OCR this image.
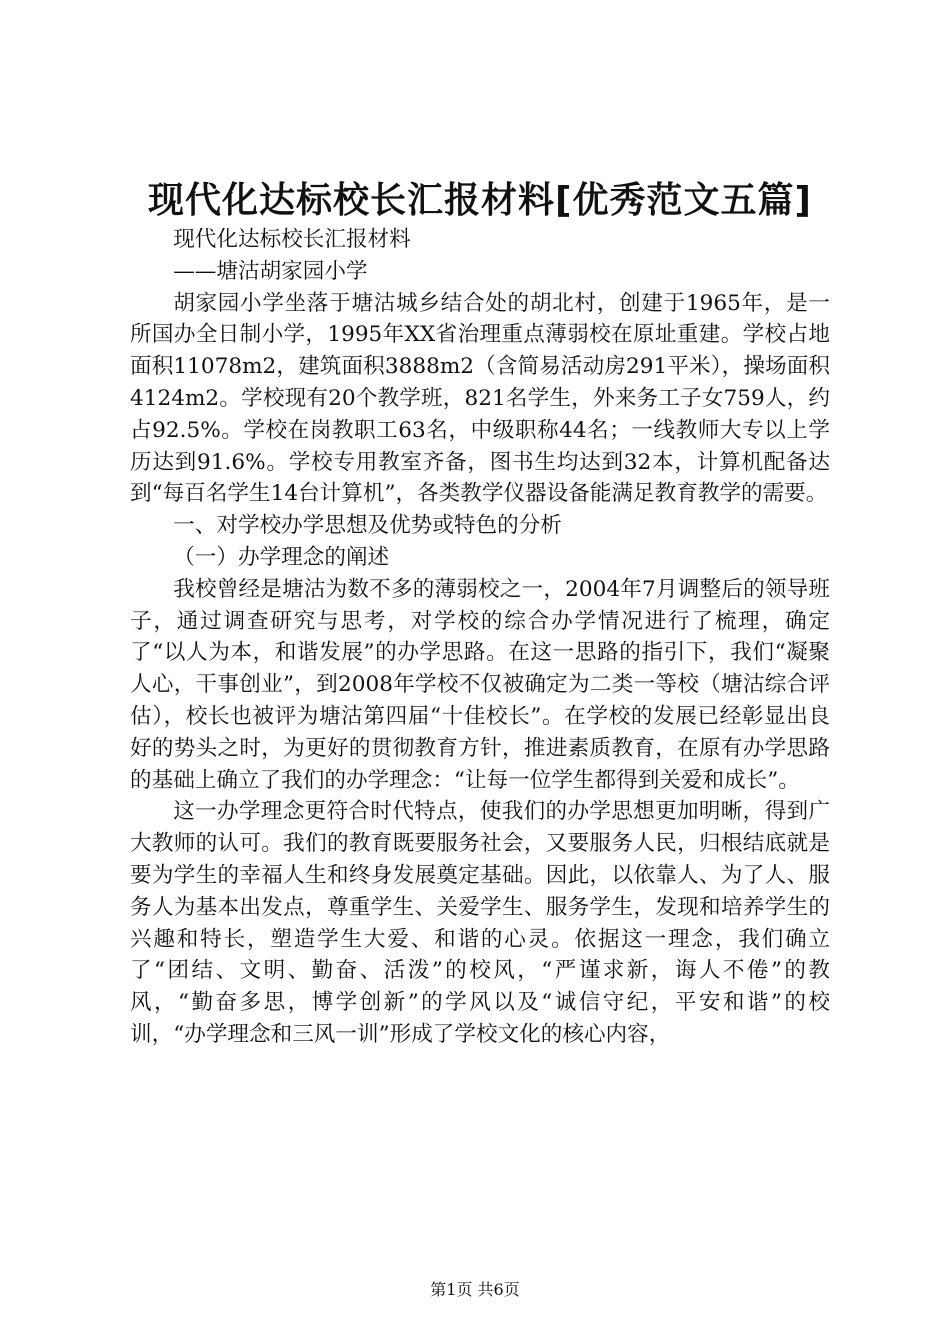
现代化达标校长汇报材料[优秀范文五篇]

现代化达标校长汇报材料

——塘沽胡家园小学

胡家园小学坐落于塘沽城乡结合处的胡北村，创建于1965年，是一所国办全日制小学，1995年XX省治理重点薄弱校在原址重建。学校占地面积11078m2，建筑面积3888m2（含简易活动房291平米），操场面积4124m2。学校现有20个教学班，821名学生，外来务工子女759人，约占92.5%。学校在岗教职工63名，中级职称44名；一线教师大专以上学历达到91.6%。学校专用教室齐备，图书生均达到32本，计算机配备达到“每百名学生14台计算机”，各类教学仪器设备能满足教育教学的需要。

一、对学校办学思想及优势或特色的分析

（一）办学理念的阐述

我校曾经是塘沽为数不多的薄弱校之一，2004年7月调整后的领导班子，通过调查研究与思考，对学校的综合办学情况进行了梳理，确定了“以人为本，和谐发展”的办学思路。在这一思路的指引下，我们“凝聚人心，干事创业”，到2008年学校不仅被确定为二类一等校（塘沽综合评估），校长也被评为塘沽第四届“十佳校长”。在学校的发展已经彰显出良好的势头之时，为更好的贯彻教育方针，推进素质教育，在原有办学思路的基础上确立了我们的办学理念：“让每一位学生都得到关爱和成长”。

这一办学理念更符合时代特点，使我们的办学思想更加明晰，得到广大教师的认可。我们的教育既要服务社会，又要服务人民，归根结底就是要为学生的幸福人生和终身发展奠定基础。因此，以依靠人、为了人、服务人为基本出发点，尊重学生、关爱学生、服务学生，发现和培养学生的兴趣和特长，塑造学生大爱、和谐的心灵。依据这一理念，我们确立了“团结、文明、勤奋、活泼”的校风，“严谨求新，诲人不倦”的教风，“勤奋多思，博学创新”的学风以及“诚信守纪，平安和谐”的校训，“办学理念和三风一训”形成了学校文化的核心内容，

第1页 共6页
